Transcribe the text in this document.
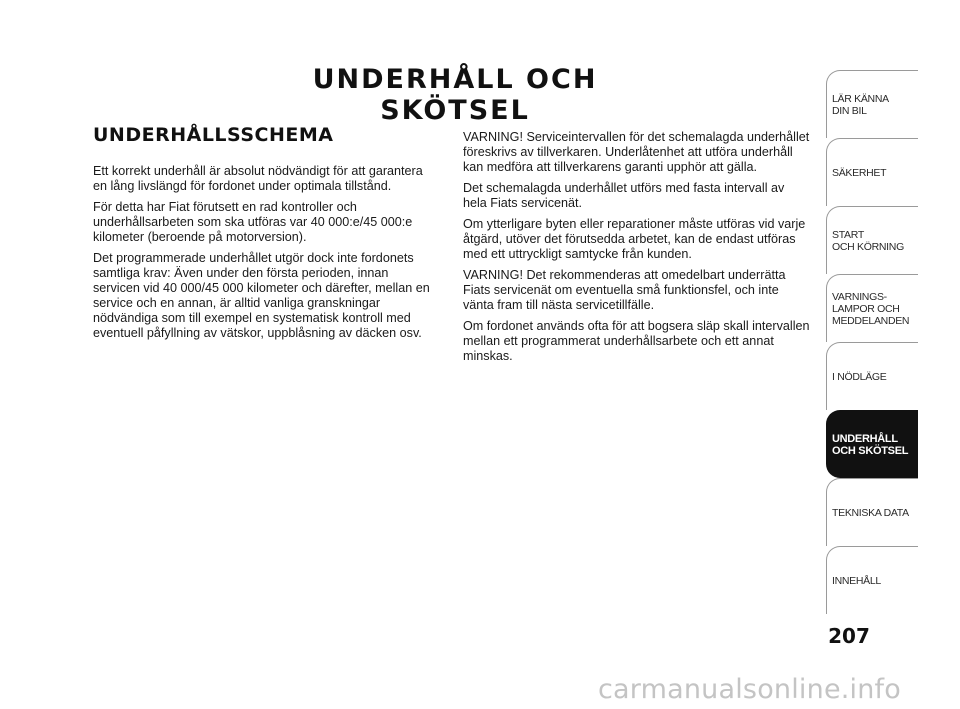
UNDERHÅLL OCH SKÖTSEL
UNDERHÅLLSSCHEMA

Ett korrekt underhåll är absolut nödvändigt för att garantera en lång livslängd för fordonet under optimala tillstånd.

För detta har Fiat förutsett en rad kontroller och underhållsarbeten som ska utföras var 40 000:e/45 000:e kilometer (beroende på motorversion).

Det programmerade underhållet utgör dock inte fordonets samtliga krav: Även under den första perioden, innan servicen vid 40 000/45 000 kilometer och därefter, mellan en service och en annan, är alltid vanliga granskningar nödvändiga som till exempel en systematisk kontroll med eventuell påfyllning av vätskor, uppblåsning av däcken osv.

VARNING! Serviceintervallen för det schemalagda underhållet föreskrivs av tillverkaren. Underlåtenhet att utföra underhåll kan medföra att tillverkarens garanti upphör att gälla.

Det schemalagda underhållet utförs med fasta intervall av hela Fiats servicenät.

Om ytterligare byten eller reparationer måste utföras vid varje åtgärd, utöver det förutsedda arbetet, kan de endast utföras med ett uttryckligt samtycke från kunden.

VARNING! Det rekommenderas att omedelbart underrätta Fiats servicenät om eventuella små funktionsfel, och inte vänta fram till nästa servicetillfälle.

Om fordonet används ofta för att bogsera släp skall intervallen mellan ett programmerat underhållsarbete och ett annat minskas.

LÄR KÄNNA
DIN BIL
SÄKERHET
START
OCH KÖRNING
VARNINGS-
LAMPOR OCH
MEDDELANDEN
I NÖDLÄGE
UNDERHÅLL
OCH SKÖTSEL
TEKNISKA DATA
INNEHÅLL
207
carmanualsonline.info
